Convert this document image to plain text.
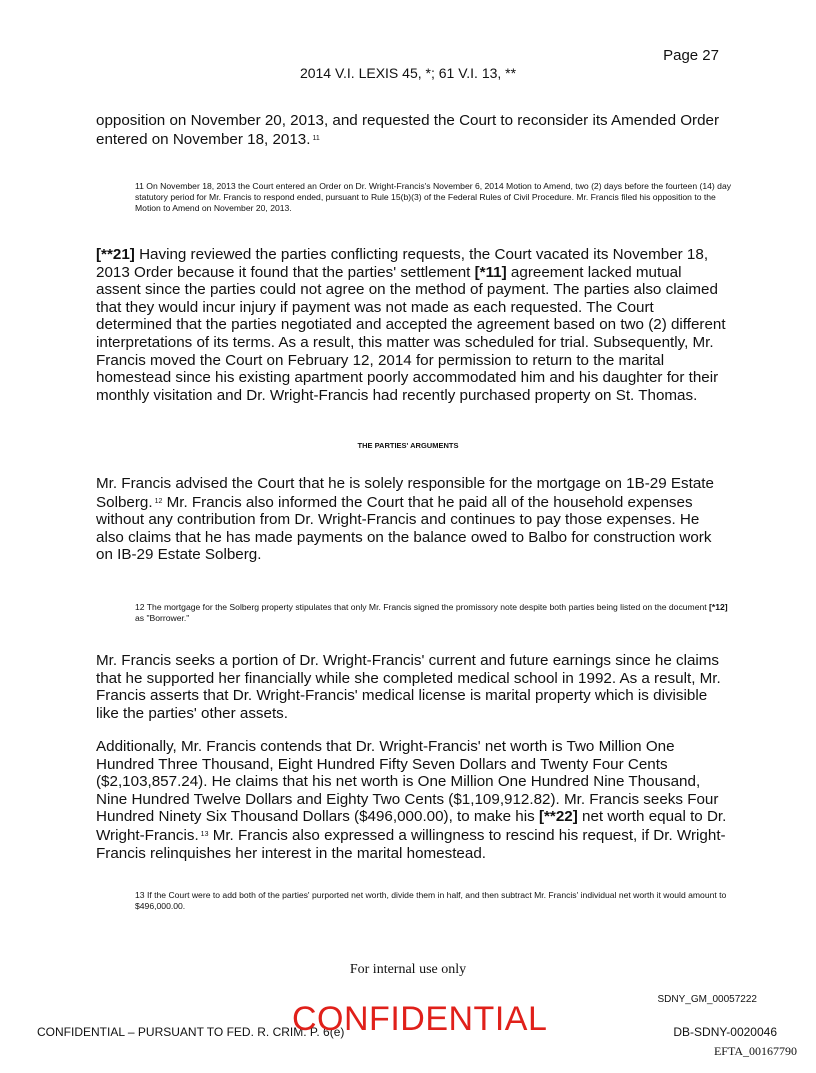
Page 27
2014 V.I. LEXIS 45, *; 61 V.I. 13, **

opposition on November 20, 2013, and requested the Court to reconsider its Amended Order entered on November 18, 2013. $^{11}$

11 On November 18, 2013 the Court entered an Order on Dr. Wright-Francis's November 6, 2014 Motion to Amend, two (2) days before the fourteen (14) day statutory period for Mr. Francis to respond ended, pursuant to Rule 15(b)(3) of the Federal Rules of Civil Procedure. Mr. Francis filed his opposition to the Motion to Amend on November 20, 2013.

[**21] Having reviewed the parties conflicting requests, the Court vacated its November 18, 2013 Order because it found that the parties' settlement [*11] agreement lacked mutual assent since the parties could not agree on the method of payment. The parties also claimed that they would incur injury if payment was not made as each requested. The Court determined that the parties negotiated and accepted the agreement based on two (2) different interpretations of its terms. As a result, this matter was scheduled for trial. Subsequently, Mr. Francis moved the Court on February 12, 2014 for permission to return to the marital homestead since his existing apartment poorly accommodated him and his daughter for their monthly visitation and Dr. Wright-Francis had recently purchased property on St. Thomas.

THE PARTIES' ARGUMENTS

Mr. Francis advised the Court that he is solely responsible for the mortgage on 1B-29 Estate Solberg. $^{12}$ Mr. Francis also informed the Court that he paid all of the household expenses without any contribution from Dr. Wright-Francis and continues to pay those expenses. He also claims that he has made payments on the balance owed to Balbo for construction work on IB-29 Estate Solberg.

12 The mortgage for the Solberg property stipulates that only Mr. Francis signed the promissory note despite both parties being listed on the document [*12] as "Borrower."

Mr. Francis seeks a portion of Dr. Wright-Francis' current and future earnings since he claims that he supported her financially while she completed medical school in 1992. As a result, Mr. Francis asserts that Dr. Wright-Francis' medical license is marital property which is divisible like the parties' other assets.

Additionally, Mr. Francis contends that Dr. Wright-Francis' net worth is Two Million One Hundred Three Thousand, Eight Hundred Fifty Seven Dollars and Twenty Four Cents ($2,103,857.24). He claims that his net worth is One Million One Hundred Nine Thousand, Nine Hundred Twelve Dollars and Eighty Two Cents ($1,109,912.82). Mr. Francis seeks Four Hundred Ninety Six Thousand Dollars ($496,000.00), to make his [**22] net worth equal to Dr. Wright-Francis. $^{13}$ Mr. Francis also expressed a willingness to rescind his request, if Dr. Wright-Francis relinquishes her interest in the marital homestead.

13 If the Court were to add both of the parties' purported net worth, divide them in half, and then subtract Mr. Francis' individual net worth it would amount to $496,000.00.

For internal use only
SDNY_GM_00057222
CONFIDENTIAL – PURSUANT TO FED. R. CRIM. P. 6(e)
CONFIDENTIAL	DB-SDNY-0020046
EFTA_00167790
